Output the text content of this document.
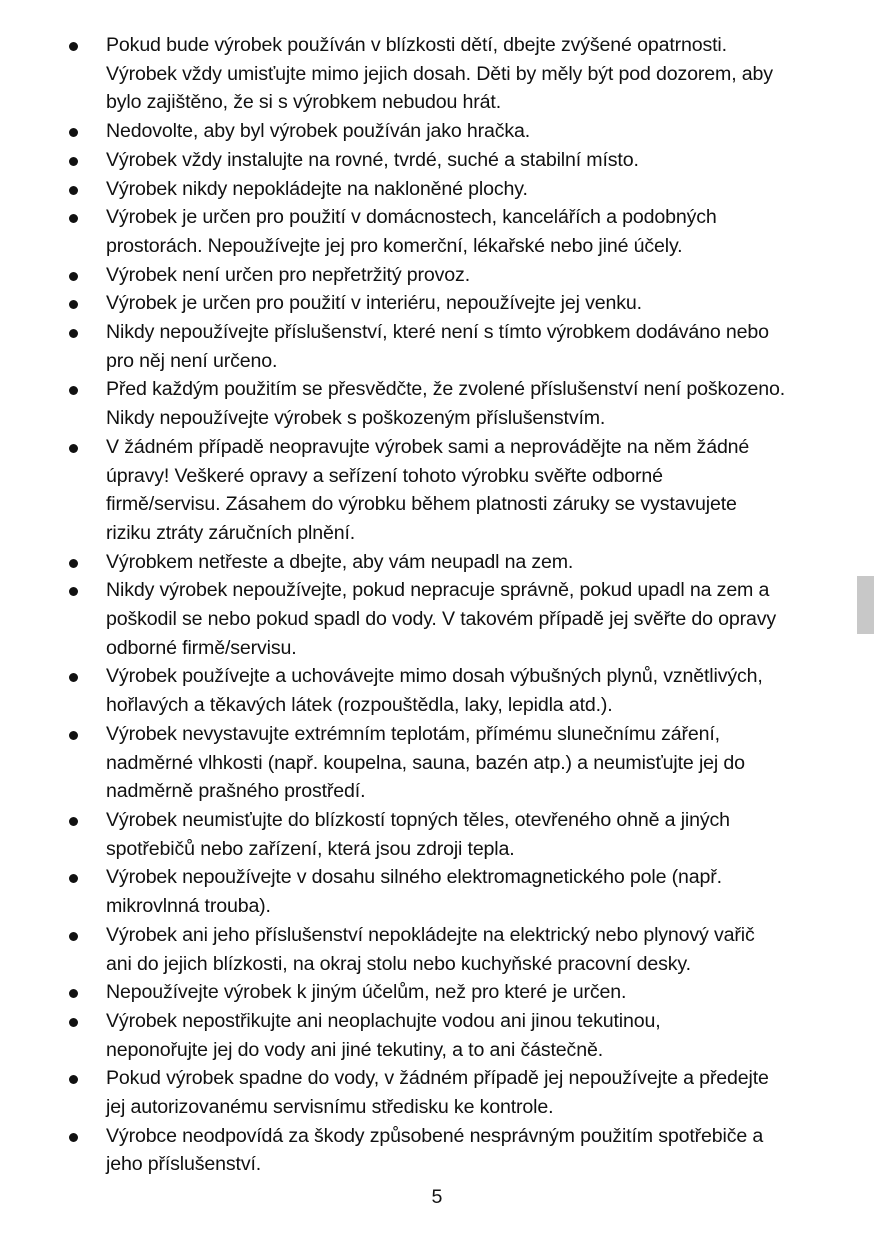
Pokud bude výrobek používán v blízkosti dětí, dbejte zvýšené opatrnosti.
Výrobek vždy umisťujte mimo jejich dosah. Děti by měly být pod dozorem, aby
bylo zajištěno, že si s výrobkem nebudou hrát.
Nedovolte, aby byl výrobek používán jako hračka.
Výrobek vždy instalujte na rovné, tvrdé, suché a stabilní místo.
Výrobek nikdy nepokládejte na nakloněné plochy.
Výrobek je určen pro použití v domácnostech, kancelářích a podobných
prostorách. Nepoužívejte jej pro komerční, lékařské nebo jiné účely.
Výrobek není určen pro nepřetržitý provoz.
Výrobek je určen pro použití v interiéru, nepoužívejte jej venku.
Nikdy nepoužívejte příslušenství, které není s tímto výrobkem dodáváno nebo
pro něj není určeno.
Před každým použitím se přesvědčte, že zvolené příslušenství není poškozeno.
Nikdy nepoužívejte výrobek s poškozeným příslušenstvím.
V žádném případě neopravujte výrobek sami a neprovádějte na něm žádné
úpravy! Veškeré opravy a seřízení tohoto výrobku svěřte odborné
firmě/servisu. Zásahem do výrobku během platnosti záruky se vystavujete
riziku ztráty záručních plnění.
Výrobkem netřeste a dbejte, aby vám neupadl na zem.
Nikdy výrobek nepoužívejte, pokud nepracuje správně, pokud upadl na zem a
poškodil se nebo pokud spadl do vody. V takovém případě jej svěřte do opravy
odborné firmě/servisu.
Výrobek používejte a uchovávejte mimo dosah výbušných plynů, vznětlivých,
hořlavých a těkavých látek (rozpouštědla, laky, lepidla atd.).
Výrobek nevystavujte extrémním teplotám, přímému slunečnímu záření,
nadměrné vlhkosti (např. koupelna, sauna, bazén atp.) a neumisťujte jej do
nadměrně prašného prostředí.
Výrobek neumisťujte do blízkostí topných těles, otevřeného ohně a jiných
spotřebičů nebo zařízení, která jsou zdroji tepla.
Výrobek nepoužívejte v dosahu silného elektromagnetického pole (např.
mikrovlnná trouba).
Výrobek ani jeho příslušenství nepokládejte na elektrický nebo plynový vařič
ani do jejich blízkosti, na okraj stolu nebo kuchyňské pracovní desky.
Nepoužívejte výrobek k jiným účelům, než pro které je určen.
Výrobek nepostřikujte ani neoplachujte vodou ani jinou tekutinou,
neponořujte jej do vody ani jiné tekutiny, a to ani částečně.
Pokud výrobek spadne do vody, v žádném případě jej nepoužívejte a předejte
jej autorizovanému servisnímu středisku ke kontrole.
Výrobce neodpovídá za škody způsobené nesprávným použitím spotřebiče a
jeho příslušenství.
5
